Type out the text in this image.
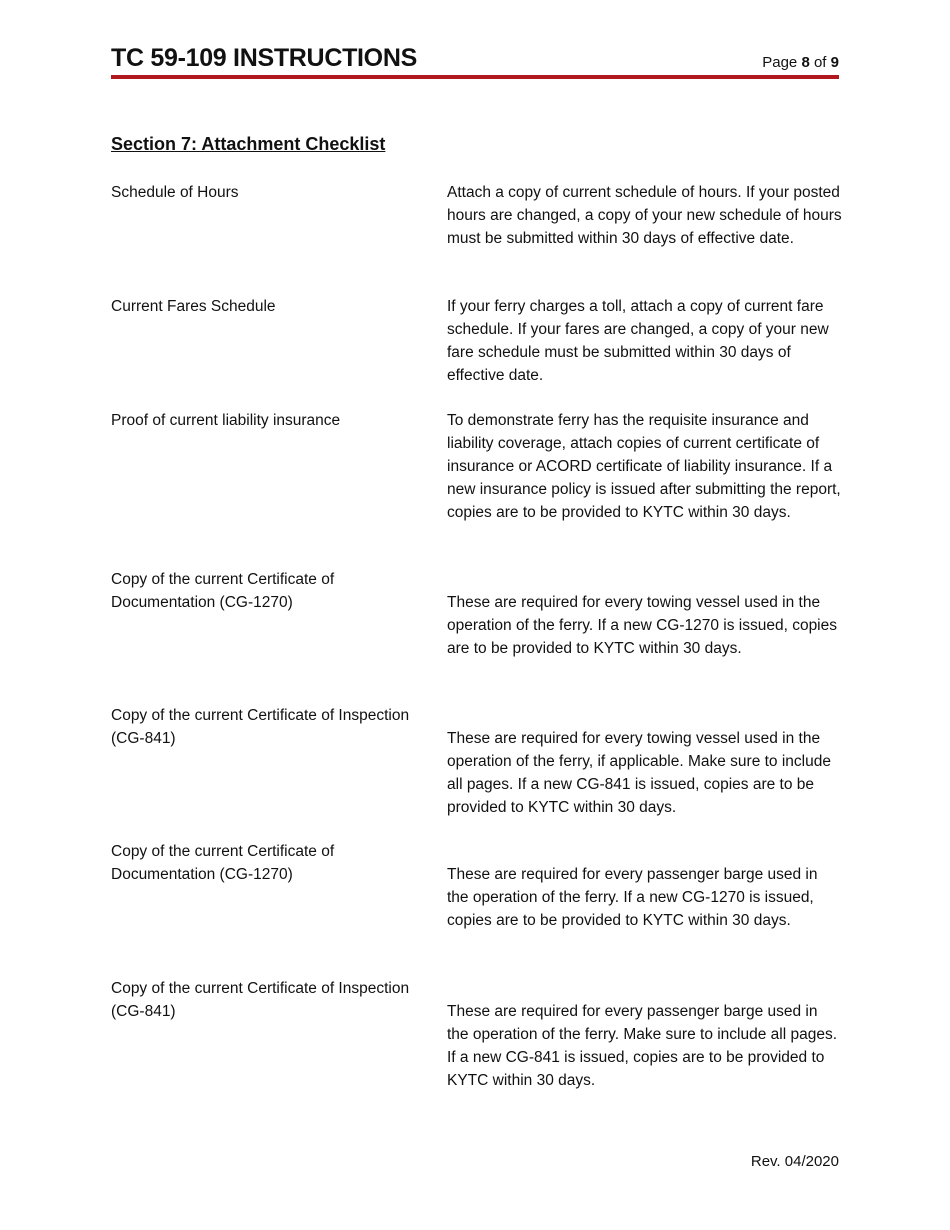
TC 59-109 INSTRUCTIONS	Page 8 of 9
Section 7: Attachment Checklist
Schedule of Hours	Attach a copy of current schedule of hours. If your posted hours are changed, a copy of your new schedule of hours must be submitted within 30 days of effective date.
Current Fares Schedule	If your ferry charges a toll, attach a copy of current fare schedule. If your fares are changed, a copy of your new fare schedule must be submitted within 30 days of effective date.
Proof of current liability insurance	To demonstrate ferry has the requisite insurance and liability coverage, attach copies of current certificate of insurance or ACORD certificate of liability insurance. If a new insurance policy is issued after submitting the report, copies are to be provided to KYTC within 30 days.
Copy of the current Certificate of Documentation (CG-1270)	These are required for every towing vessel used in the operation of the ferry. If a new CG-1270 is issued, copies are to be provided to KYTC within 30 days.
Copy of the current Certificate of Inspection (CG-841)	These are required for every towing vessel used in the operation of the ferry, if applicable. Make sure to include all pages. If a new CG-841 is issued, copies are to be provided to KYTC within 30 days.
Copy of the current Certificate of Documentation (CG-1270)	These are required for every passenger barge used in the operation of the ferry. If a new CG-1270 is issued, copies are to be provided to KYTC within 30 days.
Copy of the current Certificate of Inspection (CG-841)	These are required for every passenger barge used in the operation of the ferry. Make sure to include all pages. If a new CG-841 is issued, copies are to be provided to KYTC within 30 days.
Rev. 04/2020
